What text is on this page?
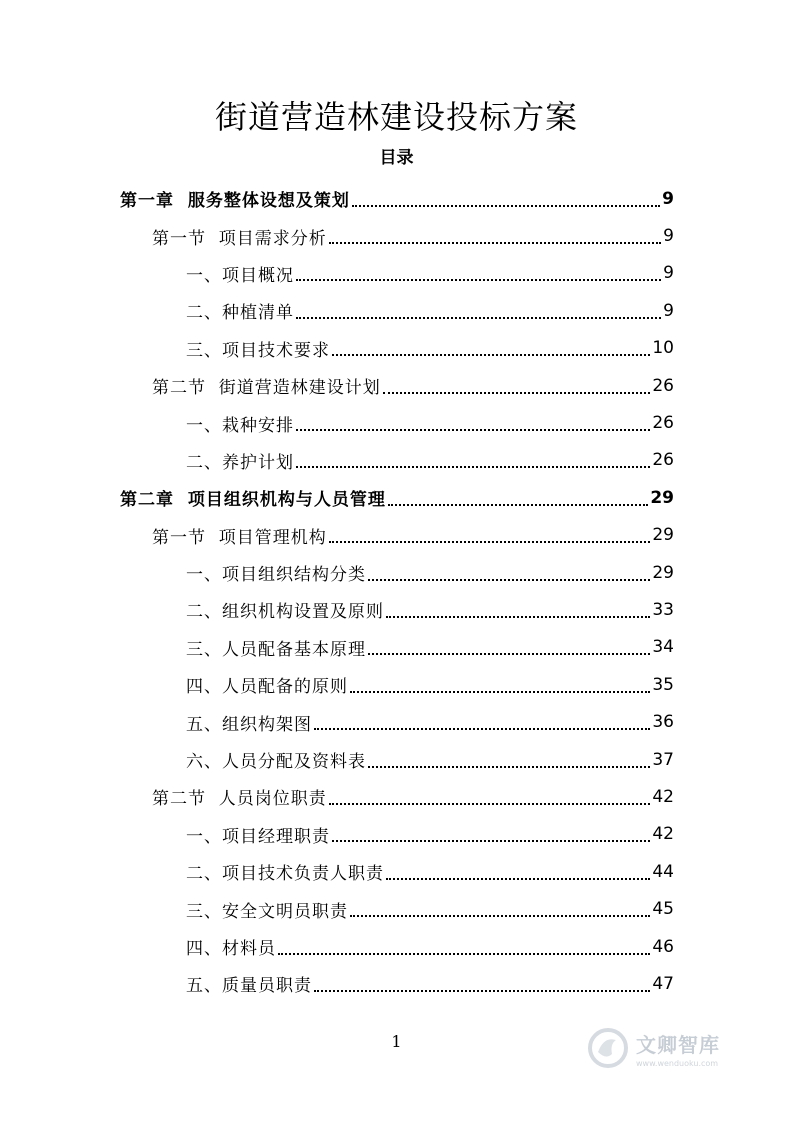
街道营造林建设投标方案
目录
第一章  服务整体设想及策划	9
第一节  项目需求分析	9
一、项目概况	9
二、种植清单	9
三、项目技术要求	10
第二节  街道营造林建设计划	26
一、栽种安排	26
二、养护计划	26
第二章  项目组织机构与人员管理	29
第一节  项目管理机构	29
一、项目组织结构分类	29
二、组织机构设置及原则	33
三、人员配备基本原理	34
四、人员配备的原则	35
五、组织构架图	36
六、人员分配及资料表	37
第二节  人员岗位职责	42
一、项目经理职责	42
二、项目技术负责人职责	44
三、安全文明员职责	45
四、材料员	46
五、质量员职责	47
1	文卿智库
www.wenduoku.com
